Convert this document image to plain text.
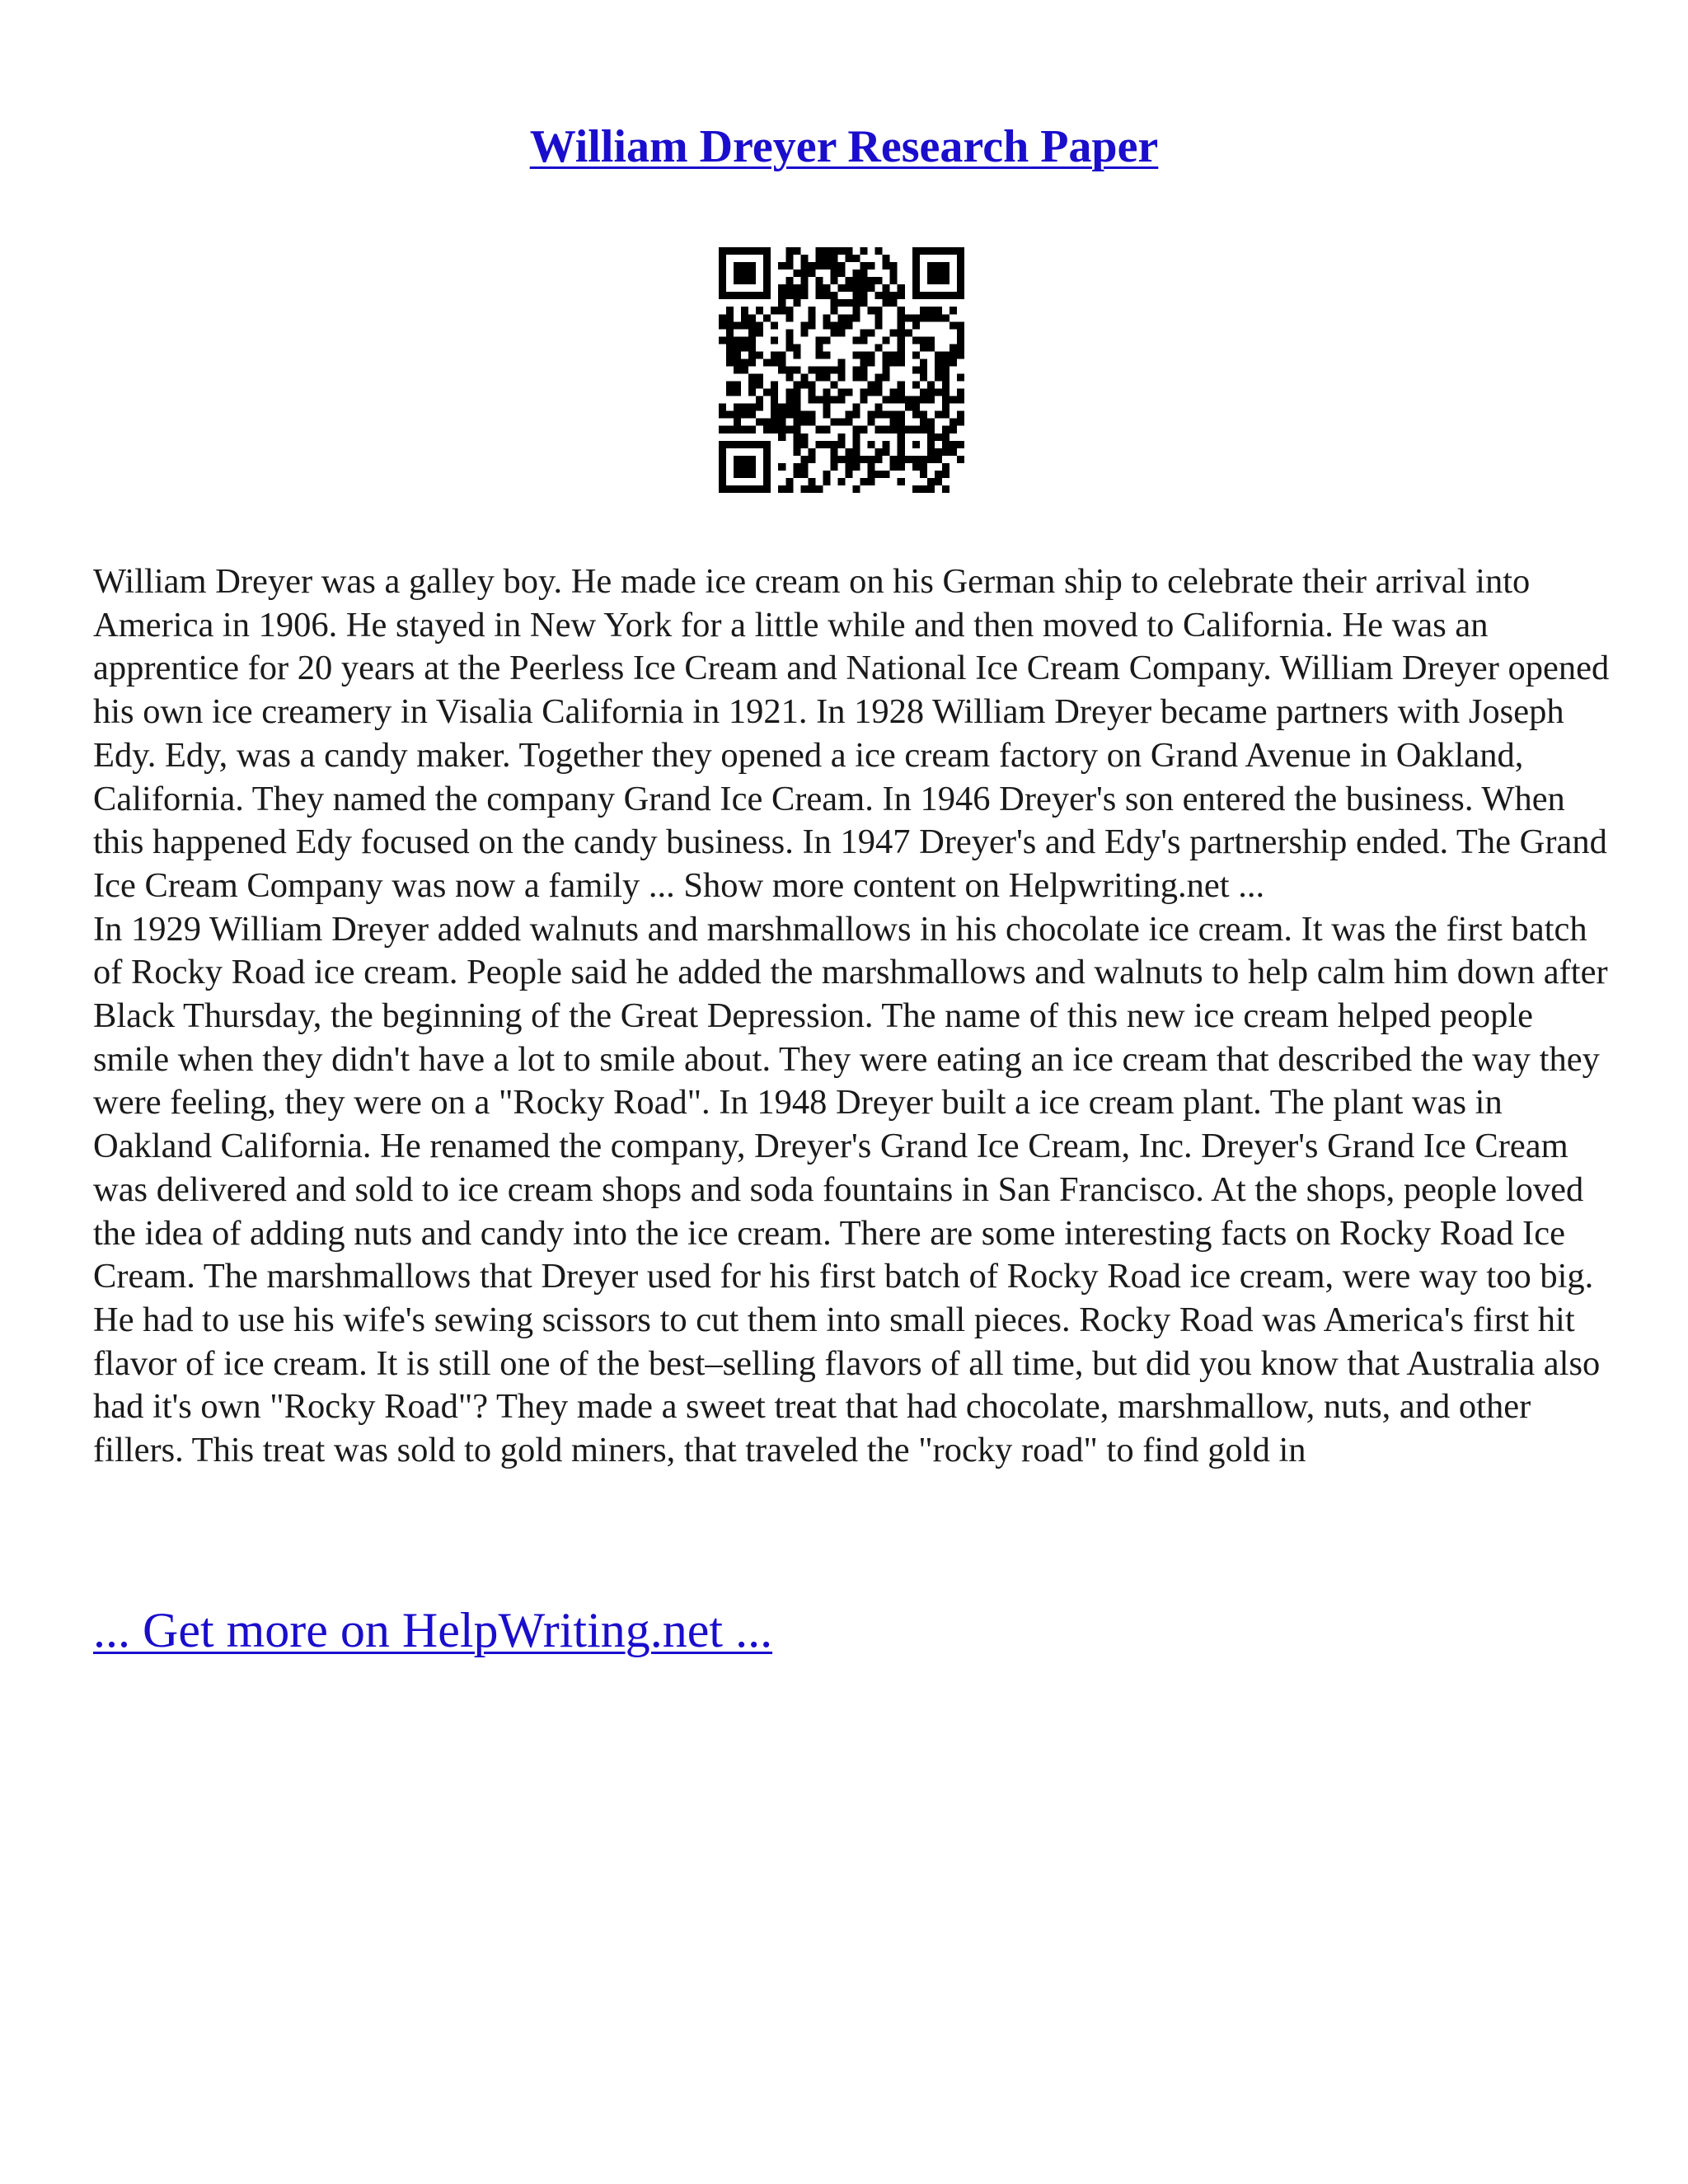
William Dreyer Research Paper

William Dreyer was a galley boy. He made ice cream on his German ship to celebrate their arrival into America in 1906. He stayed in New York for a little while and then moved to California. He was an apprentice for 20 years at the Peerless Ice Cream and National Ice Cream Company. William Dreyer opened his own ice creamery in Visalia California in 1921. In 1928 William Dreyer became partners with Joseph Edy. Edy, was a candy maker. Together they opened a ice cream factory on Grand Avenue in Oakland, California. They named the company Grand Ice Cream. In 1946 Dreyer's son entered the business. When this happened Edy focused on the candy business. In 1947 Dreyer's and Edy's partnership ended. The Grand Ice Cream Company was now a family ... Show more content on Helpwriting.net ...

In 1929 William Dreyer added walnuts and marshmallows in his chocolate ice cream. It was the first batch of Rocky Road ice cream. People said he added the marshmallows and walnuts to help calm him down after Black Thursday, the beginning of the Great Depression. The name of this new ice cream helped people smile when they didn't have a lot to smile about. They were eating an ice cream that described the way they were feeling, they were on a "Rocky Road". In 1948 Dreyer built a ice cream plant. The plant was in Oakland California. He renamed the company, Dreyer's Grand Ice Cream, Inc. Dreyer's Grand Ice Cream was delivered and sold to ice cream shops and soda fountains in San Francisco. At the shops, people loved the idea of adding nuts and candy into the ice cream. There are some interesting facts on Rocky Road Ice Cream. The marshmallows that Dreyer used for his first batch of Rocky Road ice cream, were way too big. He had to use his wife's sewing scissors to cut them into small pieces. Rocky Road was America's first hit flavor of ice cream. It is still one of the best–selling flavors of all time, but did you know that Australia also had it's own "Rocky Road"? They made a sweet treat that had chocolate, marshmallow, nuts, and other fillers. This treat was sold to gold miners, that traveled the "rocky road" to find gold in

... Get more on HelpWriting.net ...
